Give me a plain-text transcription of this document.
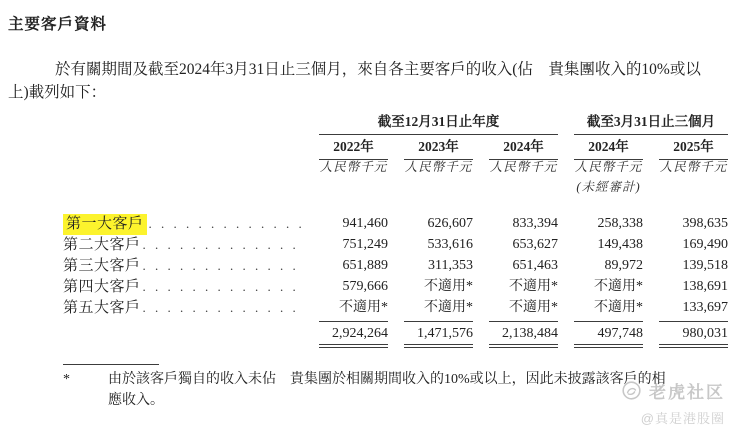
主要客戶資料
於有關期間及截至2024年3月31日止三個月，來自各主要客戶的收入(佔　貴集團收入的10%或以
上)載列如下：
截至12月31日止年度	截至3月31日止三個月
2022年	2023年	2024年	2024年	2025年
人民幣千元 人民幣千元 人民幣千元 人民幣千元 人民幣千元
(未經審計)
第一大客戶 . . .	941,460	626,607	833,394	258,338	398,635
第二大客戶 . . .	751,249	533,616	653,627	149,438	169,490
第三大客戶 . . .	651,889	311,353	651,463	89,972	139,518
第四大客戶 . . .	579,666	不適用*	不適用*	不適用*	138,691
第五大客戶 . . .	不適用*	不適用*	不適用*	不適用*	133,697
2,924,264	1,471,576	2,138,484	497,748	980,031
*	由於該客戶獨自的收入未佔　貴集團於相關期間收入的10%或以上，因此未披露該客戶的相
應收入。	老虎社区
@真是港股圈
